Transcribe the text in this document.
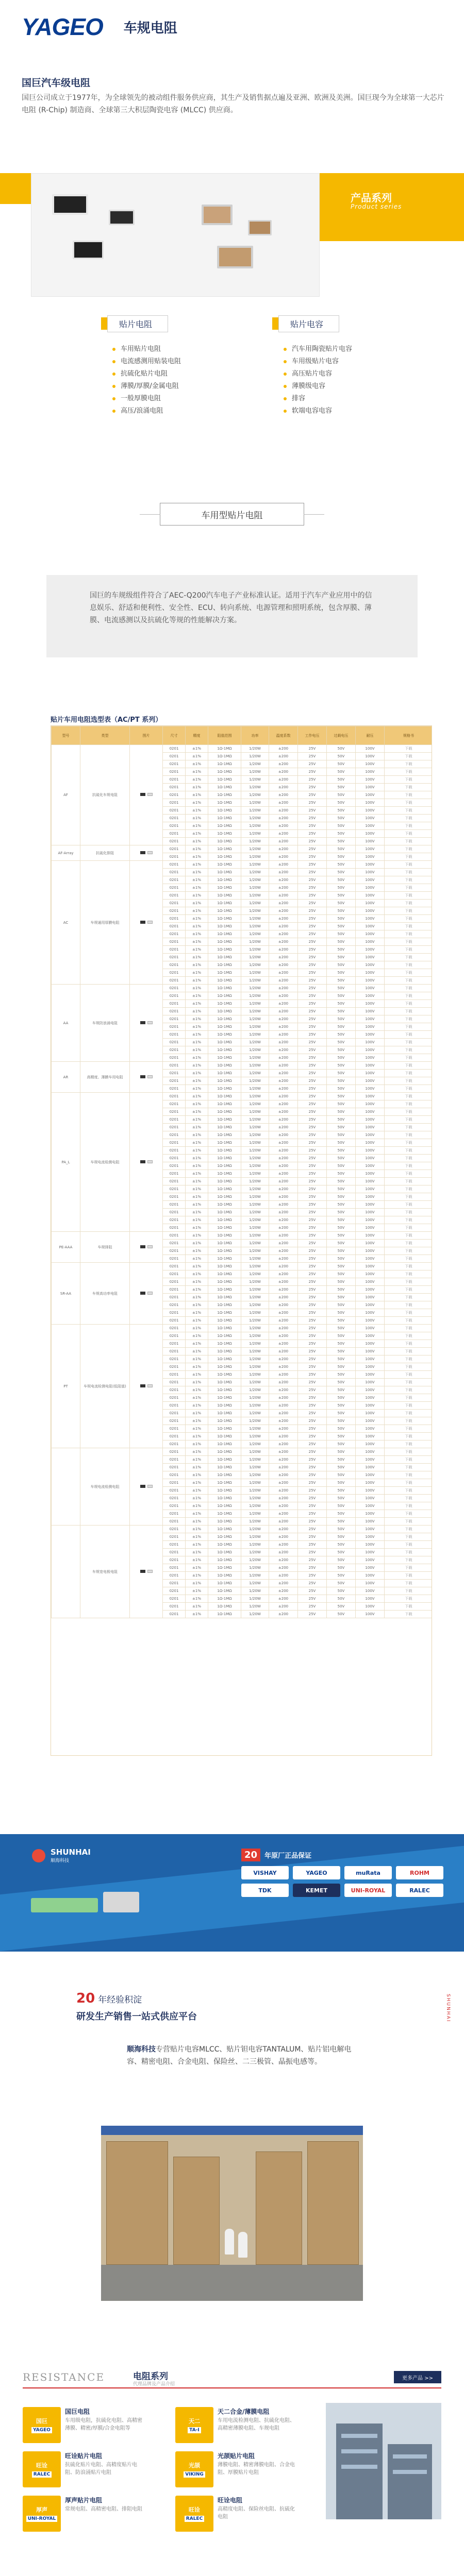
YAGEO 车规电阻
国巨汽车级电阻
国巨公司成立于1977年，为全球领先的被动组件服务供应商，其生产及销售据点遍及亚洲、欧洲及美洲。国巨现今为全球第一大芯片电阻 (R-Chip) 制造商、全球第三大积层陶瓷电容 (MLCC) 供应商。
产品系列
Product series
贴片电阻
车用贴片电阻
电流感测用贴装电阻
抗硫化贴片电阻
薄膜/厚膜/金属电阻
一般厚膜电阻
高压/浪涌电阻
贴片电容
汽车用陶瓷贴片电容
车用级贴片电容
高压贴片电容
薄膜级电容
排容
软端电容电容
车用型贴片电阻
国巨的车规级组件符合了AEC-Q200汽车电子产业标准认证。适用于汽车产业应用中的信息娱乐、舒适和便利性、安全性、ECU、转向系统、电源管理和照明系统，包含厚膜、薄膜、电流感测以及抗硫化等规的性能解决方案。
贴片车用电阻选型表（AC/PT 系列）
型号	类型	图片	尺寸	精度	阻值范围	功率	温度系数	工作电压	过载电压	耐压	规格书
AF	抗硫化车规电阻		0201	±1%	1Ω-1MΩ	1/20W	±200	25V	50V	100V	下载
			0201	±1%	1Ω-1MΩ	1/20W	±200	25V	50V	100V	下载
			0201	±1%	1Ω-1MΩ	1/20W	±200	25V	50V	100V	下载
			0201	±1%	1Ω-1MΩ	1/20W	±200	25V	50V	100V	下载
			0201	±1%	1Ω-1MΩ	1/20W	±200	25V	50V	100V	下载
			0201	±1%	1Ω-1MΩ	1/20W	±200	25V	50V	100V	下载
			0201	±1%	1Ω-1MΩ	1/20W	±200	25V	50V	100V	下载
			0201	±1%	1Ω-1MΩ	1/20W	±200	25V	50V	100V	下载
			0201	±1%	1Ω-1MΩ	1/20W	±200	25V	50V	100V	下载
			0201	±1%	1Ω-1MΩ	1/20W	±200	25V	50V	100V	下载
			0201	±1%	1Ω-1MΩ	1/20W	±200	25V	50V	100V	下载
			0201	±1%	1Ω-1MΩ	1/20W	±200	25V	50V	100V	下载
			0201	±1%	1Ω-1MΩ	1/20W	±200	25V	50V	100V	下载
AF-Array	抗硫化排阻		0201	±1%	1Ω-1MΩ	1/20W	±200	25V	50V	100V	下载
			0201	±1%	1Ω-1MΩ	1/20W	±200	25V	50V	100V	下载
AC	车规通用厚膜电阻		0201	±1%	1Ω-1MΩ	1/20W	±200	25V	50V	100V	下载
			0201	±1%	1Ω-1MΩ	1/20W	±200	25V	50V	100V	下载
			0201	±1%	1Ω-1MΩ	1/20W	±200	25V	50V	100V	下载
			0201	±1%	1Ω-1MΩ	1/20W	±200	25V	50V	100V	下载
			0201	±1%	1Ω-1MΩ	1/20W	±200	25V	50V	100V	下载
			0201	±1%	1Ω-1MΩ	1/20W	±200	25V	50V	100V	下载
			0201	±1%	1Ω-1MΩ	1/20W	±200	25V	50V	100V	下载
			0201	±1%	1Ω-1MΩ	1/20W	±200	25V	50V	100V	下载
			0201	±1%	1Ω-1MΩ	1/20W	±200	25V	50V	100V	下载
			0201	±1%	1Ω-1MΩ	1/20W	±200	25V	50V	100V	下载
			0201	±1%	1Ω-1MΩ	1/20W	±200	25V	50V	100V	下载
			0201	±1%	1Ω-1MΩ	1/20W	±200	25V	50V	100V	下载
			0201	±1%	1Ω-1MΩ	1/20W	±200	25V	50V	100V	下载
			0201	±1%	1Ω-1MΩ	1/20W	±200	25V	50V	100V	下载
			0201	±1%	1Ω-1MΩ	1/20W	±200	25V	50V	100V	下载
			0201	±1%	1Ω-1MΩ	1/20W	±200	25V	50V	100V	下载
AA	车规防浪涌电阻		0201	±1%	1Ω-1MΩ	1/20W	±200	25V	50V	100V	下载
			0201	±1%	1Ω-1MΩ	1/20W	±200	25V	50V	100V	下载
			0201	±1%	1Ω-1MΩ	1/20W	±200	25V	50V	100V	下载
			0201	±1%	1Ω-1MΩ	1/20W	±200	25V	50V	100V	下载
			0201	±1%	1Ω-1MΩ	1/20W	±200	25V	50V	100V	下载
			0201	±1%	1Ω-1MΩ	1/20W	±200	25V	50V	100V	下载
			0201	±1%	1Ω-1MΩ	1/20W	±200	25V	50V	100V	下载
			0201	±1%	1Ω-1MΩ	1/20W	±200	25V	50V	100V	下载
			0201	±1%	1Ω-1MΩ	1/20W	±200	25V	50V	100V	下载
			0201	±1%	1Ω-1MΩ	1/20W	±200	25V	50V	100V	下载
AR	高精度、薄膜车用电阻		0201	±1%	1Ω-1MΩ	1/20W	±200	25V	50V	100V	下载
			0201	±1%	1Ω-1MΩ	1/20W	±200	25V	50V	100V	下载
			0201	±1%	1Ω-1MΩ	1/20W	±200	25V	50V	100V	下载
			0201	±1%	1Ω-1MΩ	1/20W	±200	25V	50V	100V	下载
PA_L	车规电流检测电阻		0201	±1%	1Ω-1MΩ	1/20W	±200	25V	50V	100V	下载
			0201	±1%	1Ω-1MΩ	1/20W	±200	25V	50V	100V	下载
			0201	±1%	1Ω-1MΩ	1/20W	±200	25V	50V	100V	下载
			0201	±1%	1Ω-1MΩ	1/20W	±200	25V	50V	100V	下载
			0201	±1%	1Ω-1MΩ	1/20W	±200	25V	50V	100V	下载
			0201	±1%	1Ω-1MΩ	1/20W	±200	25V	50V	100V	下载
			0201	±1%	1Ω-1MΩ	1/20W	±200	25V	50V	100V	下载
			0201	±1%	1Ω-1MΩ	1/20W	±200	25V	50V	100V	下载
			0201	±1%	1Ω-1MΩ	1/20W	±200	25V	50V	100V	下载
			0201	±1%	1Ω-1MΩ	1/20W	±200	25V	50V	100V	下载
			0201	±1%	1Ω-1MΩ	1/20W	±200	25V	50V	100V	下载
			0201	±1%	1Ω-1MΩ	1/20W	±200	25V	50V	100V	下载
			0201	±1%	1Ω-1MΩ	1/20W	±200	25V	50V	100V	下载
			0201	±1%	1Ω-1MΩ	1/20W	±200	25V	50V	100V	下载
			0201	±1%	1Ω-1MΩ	1/20W	±200	25V	50V	100V	下载
			0201	±1%	1Ω-1MΩ	1/20W	±200	25V	50V	100V	下载
			0201	±1%	1Ω-1MΩ	1/20W	±200	25V	50V	100V	下载
			0201	±1%	1Ω-1MΩ	1/20W	±200	25V	50V	100V	下载
PE-AAA	车规排阻		0201	±1%	1Ω-1MΩ	1/20W	±200	25V	50V	100V	下载
			0201	±1%	1Ω-1MΩ	1/20W	±200	25V	50V	100V	下载
			0201	±1%	1Ω-1MΩ	1/20W	±200	25V	50V	100V	下载
			0201	±1%	1Ω-1MΩ	1/20W	±200	25V	50V	100V	下载
SR-AA	车规高功率电阻		0201	±1%	1Ω-1MΩ	1/20W	±200	25V	50V	100V	下载
			0201	±1%	1Ω-1MΩ	1/20W	±200	25V	50V	100V	下载
			0201	±1%	1Ω-1MΩ	1/20W	±200	25V	50V	100V	下载
			0201	±1%	1Ω-1MΩ	1/20W	±200	25V	50V	100V	下载
			0201	±1%	1Ω-1MΩ	1/20W	±200	25V	50V	100V	下载
			0201	±1%	1Ω-1MΩ	1/20W	±200	25V	50V	100V	下载
			0201	±1%	1Ω-1MΩ	1/20W	±200	25V	50V	100V	下载
			0201	±1%	1Ω-1MΩ	1/20W	±200	25V	50V	100V	下载
PT	车规电流检测电阻(低阻值)		0201	±1%	1Ω-1MΩ	1/20W	±200	25V	50V	100V	下载
			0201	±1%	1Ω-1MΩ	1/20W	±200	25V	50V	100V	下载
			0201	±1%	1Ω-1MΩ	1/20W	±200	25V	50V	100V	下载
			0201	±1%	1Ω-1MΩ	1/20W	±200	25V	50V	100V	下载
			0201	±1%	1Ω-1MΩ	1/20W	±200	25V	50V	100V	下载
			0201	±1%	1Ω-1MΩ	1/20W	±200	25V	50V	100V	下载
			0201	±1%	1Ω-1MΩ	1/20W	±200	25V	50V	100V	下载
			0201	±1%	1Ω-1MΩ	1/20W	±200	25V	50V	100V	下载
			0201	±1%	1Ω-1MΩ	1/20W	±200	25V	50V	100V	下载
			0201	±1%	1Ω-1MΩ	1/20W	±200	25V	50V	100V	下载
			0201	±1%	1Ω-1MΩ	1/20W	±200	25V	50V	100V	下载
			0201	±1%	1Ω-1MΩ	1/20W	±200	25V	50V	100V	下载
			0201	±1%	1Ω-1MΩ	1/20W	±200	25V	50V	100V	下载
			0201	±1%	1Ω-1MΩ	1/20W	±200	25V	50V	100V	下载
			0201	±1%	1Ω-1MΩ	1/20W	±200	25V	50V	100V	下载
			0201	±1%	1Ω-1MΩ	1/20W	±200	25V	50V	100V	下载
	车规电流检测电阻		0201	±1%	1Ω-1MΩ	1/20W	±200	25V	50V	100V	下载
			0201	±1%	1Ω-1MΩ	1/20W	±200	25V	50V	100V	下载
			0201	±1%	1Ω-1MΩ	1/20W	±200	25V	50V	100V	下载
			0201	±1%	1Ω-1MΩ	1/20W	±200	25V	50V	100V	下载
			0201	±1%	1Ω-1MΩ	1/20W	±200	25V	50V	100V	下载
			0201	±1%	1Ω-1MΩ	1/20W	±200	25V	50V	100V	下载
			0201	±1%	1Ω-1MΩ	1/20W	±200	25V	50V	100V	下载
			0201	±1%	1Ω-1MΩ	1/20W	±200	25V	50V	100V	下载
			0201	±1%	1Ω-1MΩ	1/20W	±200	25V	50V	100V	下载
			0201	±1%	1Ω-1MΩ	1/20W	±200	25V	50V	100V	下载
	车规宽电极电阻		0201	±1%	1Ω-1MΩ	1/20W	±200	25V	50V	100V	下载
			0201	±1%	1Ω-1MΩ	1/20W	±200	25V	50V	100V	下载
			0201	±1%	1Ω-1MΩ	1/20W	±200	25V	50V	100V	下载
			0201	±1%	1Ω-1MΩ	1/20W	±200	25V	50V	100V	下载
			0201	±1%	1Ω-1MΩ	1/20W	±200	25V	50V	100V	下载
			0201	±1%	1Ω-1MΩ	1/20W	±200	25V	50V	100V	下载
			0201	±1%	1Ω-1MΩ	1/20W	±200	25V	50V	100V	下载
			0201	±1%	1Ω-1MΩ	1/20W	±200	25V	50V	100V	下载
			0201	±1%	1Ω-1MΩ	1/20W	±200	25V	50V	100V	下载
			0201	±1%	1Ω-1MΩ	1/20W	±200	25V	50V	100V	下载
			0201	±1%	1Ω-1MΩ	1/20W	±200	25V	50V	100V	下载
			0201	±1%	1Ω-1MΩ	1/20W	±200	25V	50V	100V	下载
SHUNHAI
顺海科技
20	年原厂正品保证
VISHAY	YAGEO	muRata	ROHM
TDK	KEMET	UNI-ROYAL	RALEC
20 年经验积淀
研发生产销售一站式供应平台	SHUNHAI
顺海科技专营贴片电容MLCC、贴片钽电容TANTALUM、贴片铝电解电容、精密电阻、合金电阻、保险丝、二三极管、晶振电感等。
RESISTANCE	电阻系列
代理品牌及产品介绍
更多产品 >>
国巨
YAGEO
国巨电阻
车用级电阻，抗硫化电阻、高精密薄膜、精密/厚膜/合金电阻等
天二
TA-I
天二合金/薄膜电阻
车用电流检测电阻、抗硫化电阻、高精密薄膜电阻、车规电阻
旺诠
RALEC
旺诠贴片电阻
抗硫化贴片电阻、高精度贴片电阻、防浪涌贴片电阻
光颉
VIKING
光颉贴片电阻
薄膜电阻、精密薄膜电阻、合金电阻、厚膜贴片电阻
厚声
UNI-ROYAL
厚声贴片电阻
常规电阻、高精密电阻、排阻电阻	旺诠
RALEC
旺诠电阻
高精度电阻、保险丝电阻、抗硫化电阻
